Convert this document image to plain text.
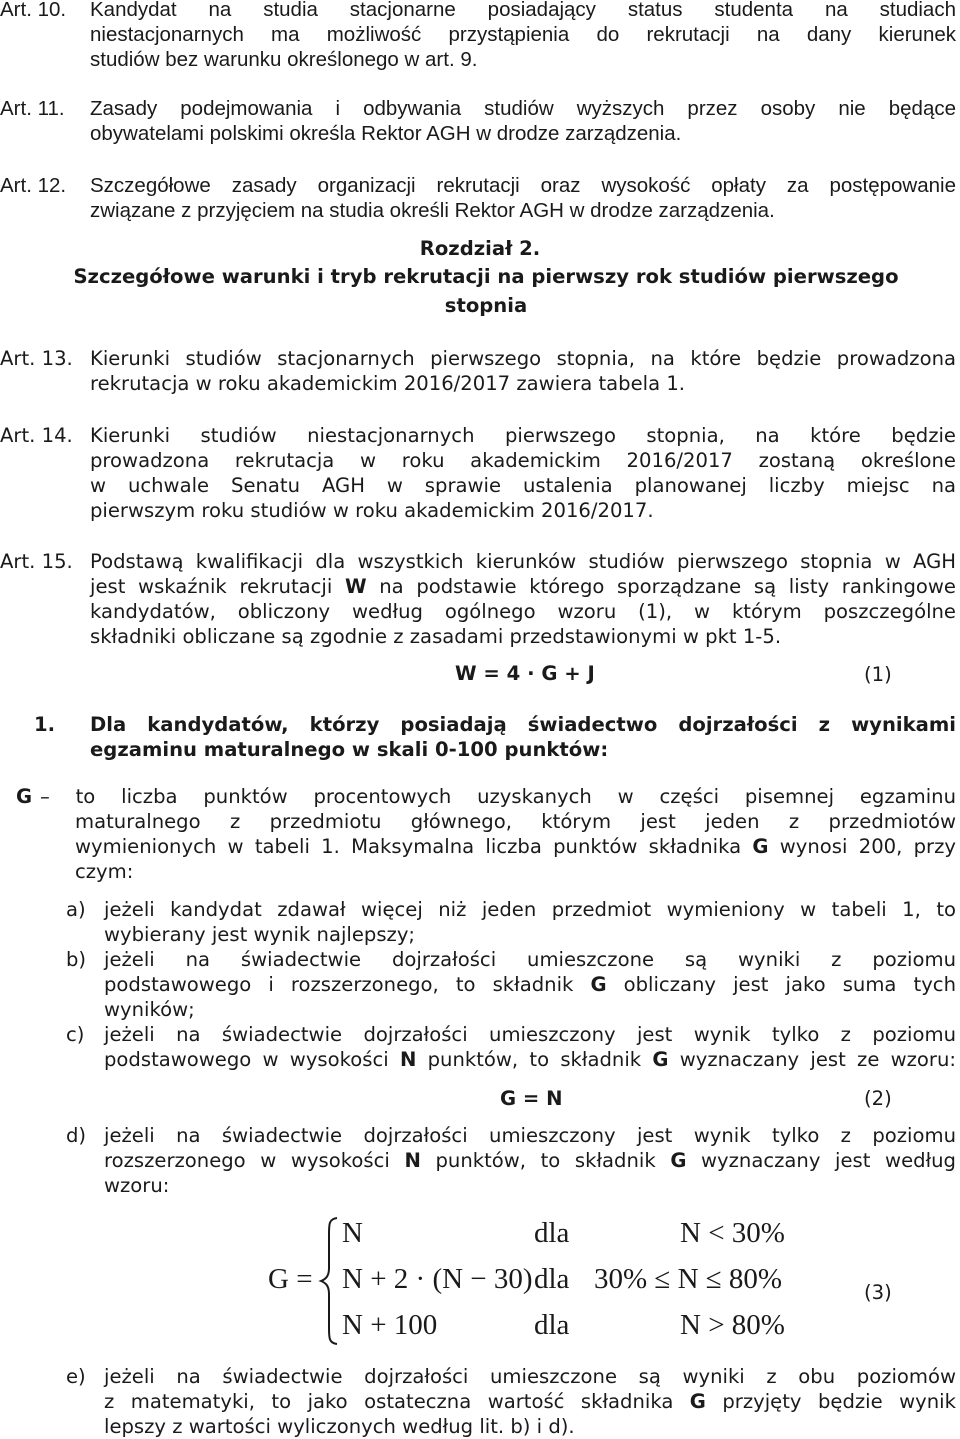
Art. 10. Kandydat na studia stacjonarne posiadający status studenta na studiach
niestacjonarnych ma możliwość przystąpienia do rekrutacji na dany kierunek
studiów bez warunku określonego w art. 9.
Art. 11. Zasady podejmowania i odbywania studiów wyższych przez osoby nie będące
obywatelami polskimi określa Rektor AGH w drodze zarządzenia.
Art. 12. Szczegółowe zasady organizacji rekrutacji oraz wysokość opłaty za postępowanie
związane z przyjęciem na studia określi Rektor AGH w drodze zarządzenia.
Rozdział 2.
Szczegółowe warunki i tryb rekrutacji na pierwszy rok studiów pierwszego
stopnia
Art. 13. Kierunki studiów stacjonarnych pierwszego stopnia, na które będzie prowadzona
rekrutacja w roku akademickim 2016/2017 zawiera tabela 1.
Art. 14. Kierunki studiów niestacjonarnych pierwszego stopnia, na które będzie
prowadzona rekrutacja w roku akademickim 2016/2017 zostaną określone
w uchwale Senatu AGH w sprawie ustalenia planowanej liczby miejsc na
pierwszym roku studiów w roku akademickim 2016/2017.
Art. 15. Podstawą kwalifikacji dla wszystkich kierunków studiów pierwszego stopnia w AGH
jest wskaźnik rekrutacji W na podstawie którego sporządzane są listy rankingowe
kandydatów, obliczony według ogólnego wzoru (1), w którym poszczególne
składniki obliczane są zgodnie z zasadami przedstawionymi w pkt 1-5.
W = 4 · G + J	(1)
1. Dla kandydatów, którzy posiadają świadectwo dojrzałości z wynikami
egzaminu maturalnego w skali 0-100 punktów:
G – to liczba punktów procentowych uzyskanych w części pisemnej egzaminu
maturalnego z przedmiotu głównego, którym jest jeden z przedmiotów
wymienionych w tabeli 1. Maksymalna liczba punktów składnika G wynosi 200, przy
czym:
a) jeżeli kandydat zdawał więcej niż jeden przedmiot wymieniony w tabeli 1, to
wybierany jest wynik najlepszy;
b) jeżeli na świadectwie dojrzałości umieszczone są wyniki z poziomu
podstawowego i rozszerzonego, to składnik G obliczany jest jako suma tych
wyników;
c) jeżeli na świadectwie dojrzałości umieszczony jest wynik tylko z poziomu
podstawowego w wysokości N punktów, to składnik G wyznaczany jest ze wzoru:
G = N	(2)
d) jeżeli na świadectwie dojrzałości umieszczony jest wynik tylko z poziomu
rozszerzonego w wysokości N punktów, to składnik G wyznaczany jest według
wzoru:
G =
N	dla	N < 30%
N + 2 · (N − 30) dla 30% ≤ N ≤ 80%
N + 100	dla	N > 80%
(3)
e) jeżeli na świadectwie dojrzałości umieszczone są wyniki z obu poziomów
z matematyki, to jako ostateczna wartość składnika G przyjęty będzie wynik
lepszy z wartości wyliczonych według lit. b) i d).
